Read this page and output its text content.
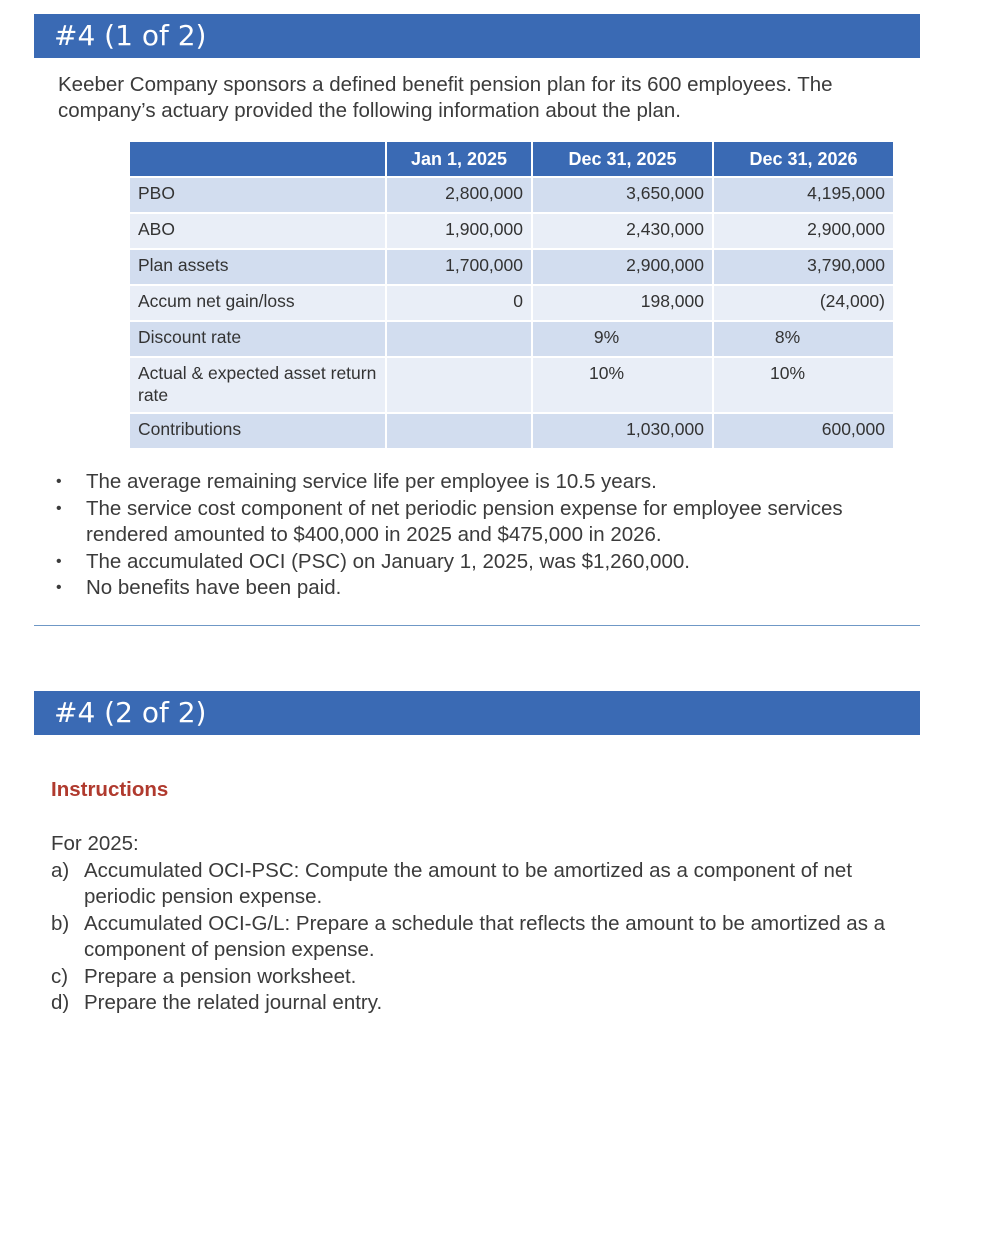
#4 (1 of 2)
Keeber Company sponsors a defined benefit pension plan for its 600 employees. The company’s actuary provided the following information about the plan.
	Jan 1, 2025	Dec 31, 2025	Dec 31, 2026
PBO	2,800,000	3,650,000	4,195,000
ABO	1,900,000	2,430,000	2,900,000
Plan assets	1,700,000	2,900,000	3,790,000
Accum net gain/loss	0	198,000	(24,000)
Discount rate		9%	8%
Actual & expected asset return rate		10%	10%
Contributions		1,030,000	600,000
• The average remaining service life per employee is 10.5 years.
• The service cost component of net periodic pension expense for employee services rendered amounted to $400,000 in 2025 and $475,000 in 2026.
• The accumulated OCI (PSC) on January 1, 2025, was $1,260,000.
• No benefits have been paid.
#4 (2 of 2)
Instructions
For 2025:
a) Accumulated OCI-PSC: Compute the amount to be amortized as a component of net periodic pension expense.
b) Accumulated OCI-G/L: Prepare a schedule that reflects the amount to be amortized as a component of pension expense.
c) Prepare a pension worksheet.
d) Prepare the related journal entry.
